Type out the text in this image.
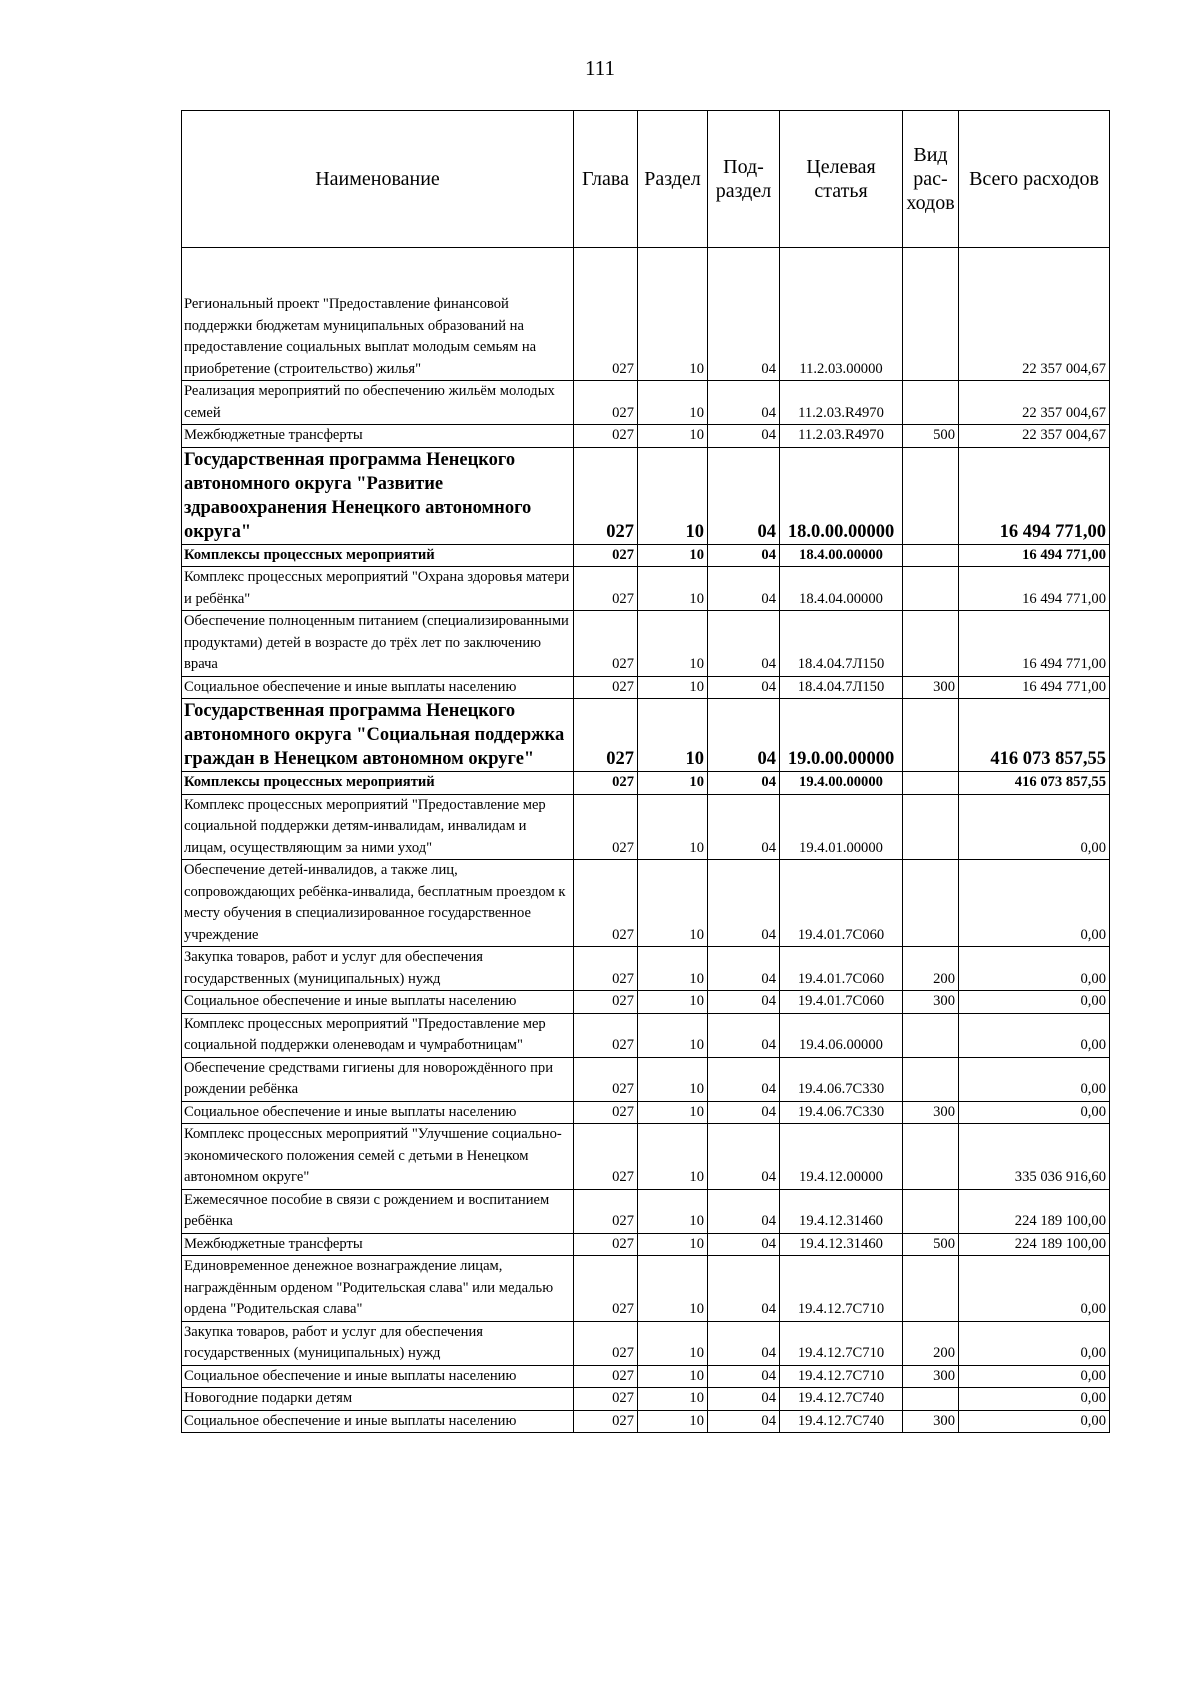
111
Наименование	Глава	Раздел	Под-раздел	Целевая статья	Вид рас-ходов	Всего расходов
Региональный проект "Предоставление финансовой поддержки бюджетам муниципальных образований на предоставление социальных выплат молодым семьям на приобретение (строительство) жилья"	027	10	04	11.2.03.00000		22 357 004,67
Реализация мероприятий по обеспечению жильём молодых семей	027	10	04	11.2.03.R4970		22 357 004,67
Межбюджетные трансферты	027	10	04	11.2.03.R4970	500	22 357 004,67
Государственная программа Ненецкого автономного округа "Развитие здравоохранения Ненецкого автономного округа"	027	10	04	18.0.00.00000		16 494 771,00
Комплексы процессных мероприятий	027	10	04	18.4.00.00000		16 494 771,00
Комплекс процессных мероприятий "Охрана здоровья матери и ребёнка"	027	10	04	18.4.04.00000		16 494 771,00
Обеспечение полноценным питанием (специализированными продуктами) детей в возрасте до трёх лет по заключению врача	027	10	04	18.4.04.7Л150		16 494 771,00
Социальное обеспечение и иные выплаты населению	027	10	04	18.4.04.7Л150	300	16 494 771,00
Государственная программа Ненецкого автономного округа "Социальная поддержка граждан в Ненецком автономном округе"	027	10	04	19.0.00.00000		416 073 857,55
Комплексы процессных мероприятий	027	10	04	19.4.00.00000		416 073 857,55
Комплекс процессных мероприятий "Предоставление мер социальной поддержки детям-инвалидам, инвалидам и лицам, осуществляющим за ними уход"	027	10	04	19.4.01.00000		0,00
Обеспечение детей-инвалидов, а также лиц, сопровождающих ребёнка-инвалида, бесплатным проездом к месту обучения в специализированное государственное учреждение	027	10	04	19.4.01.7С060		0,00
Закупка товаров, работ и услуг для обеспечения государственных (муниципальных) нужд	027	10	04	19.4.01.7С060	200	0,00
Социальное обеспечение и иные выплаты населению	027	10	04	19.4.01.7С060	300	0,00
Комплекс процессных мероприятий "Предоставление мер социальной поддержки оленеводам и чумработницам"	027	10	04	19.4.06.00000		0,00
Обеспечение средствами гигиены для новорождённого при рождении ребёнка	027	10	04	19.4.06.7С330		0,00
Социальное обеспечение и иные выплаты населению	027	10	04	19.4.06.7С330	300	0,00
Комплекс процессных мероприятий "Улучшение социально-экономического положения семей с детьми в Ненецком автономном округе"	027	10	04	19.4.12.00000		335 036 916,60
Ежемесячное пособие в связи с рождением и воспитанием ребёнка	027	10	04	19.4.12.31460		224 189 100,00
Межбюджетные трансферты	027	10	04	19.4.12.31460	500	224 189 100,00
Единовременное денежное вознаграждение лицам, награждённым орденом "Родительская слава" или медалью ордена "Родительская слава"	027	10	04	19.4.12.7С710		0,00
Закупка товаров, работ и услуг для обеспечения государственных (муниципальных) нужд	027	10	04	19.4.12.7С710	200	0,00
Социальное обеспечение и иные выплаты населению	027	10	04	19.4.12.7С710	300	0,00
Новогодние подарки детям	027	10	04	19.4.12.7С740		0,00
Социальное обеспечение и иные выплаты населению	027	10	04	19.4.12.7С740	300	0,00
